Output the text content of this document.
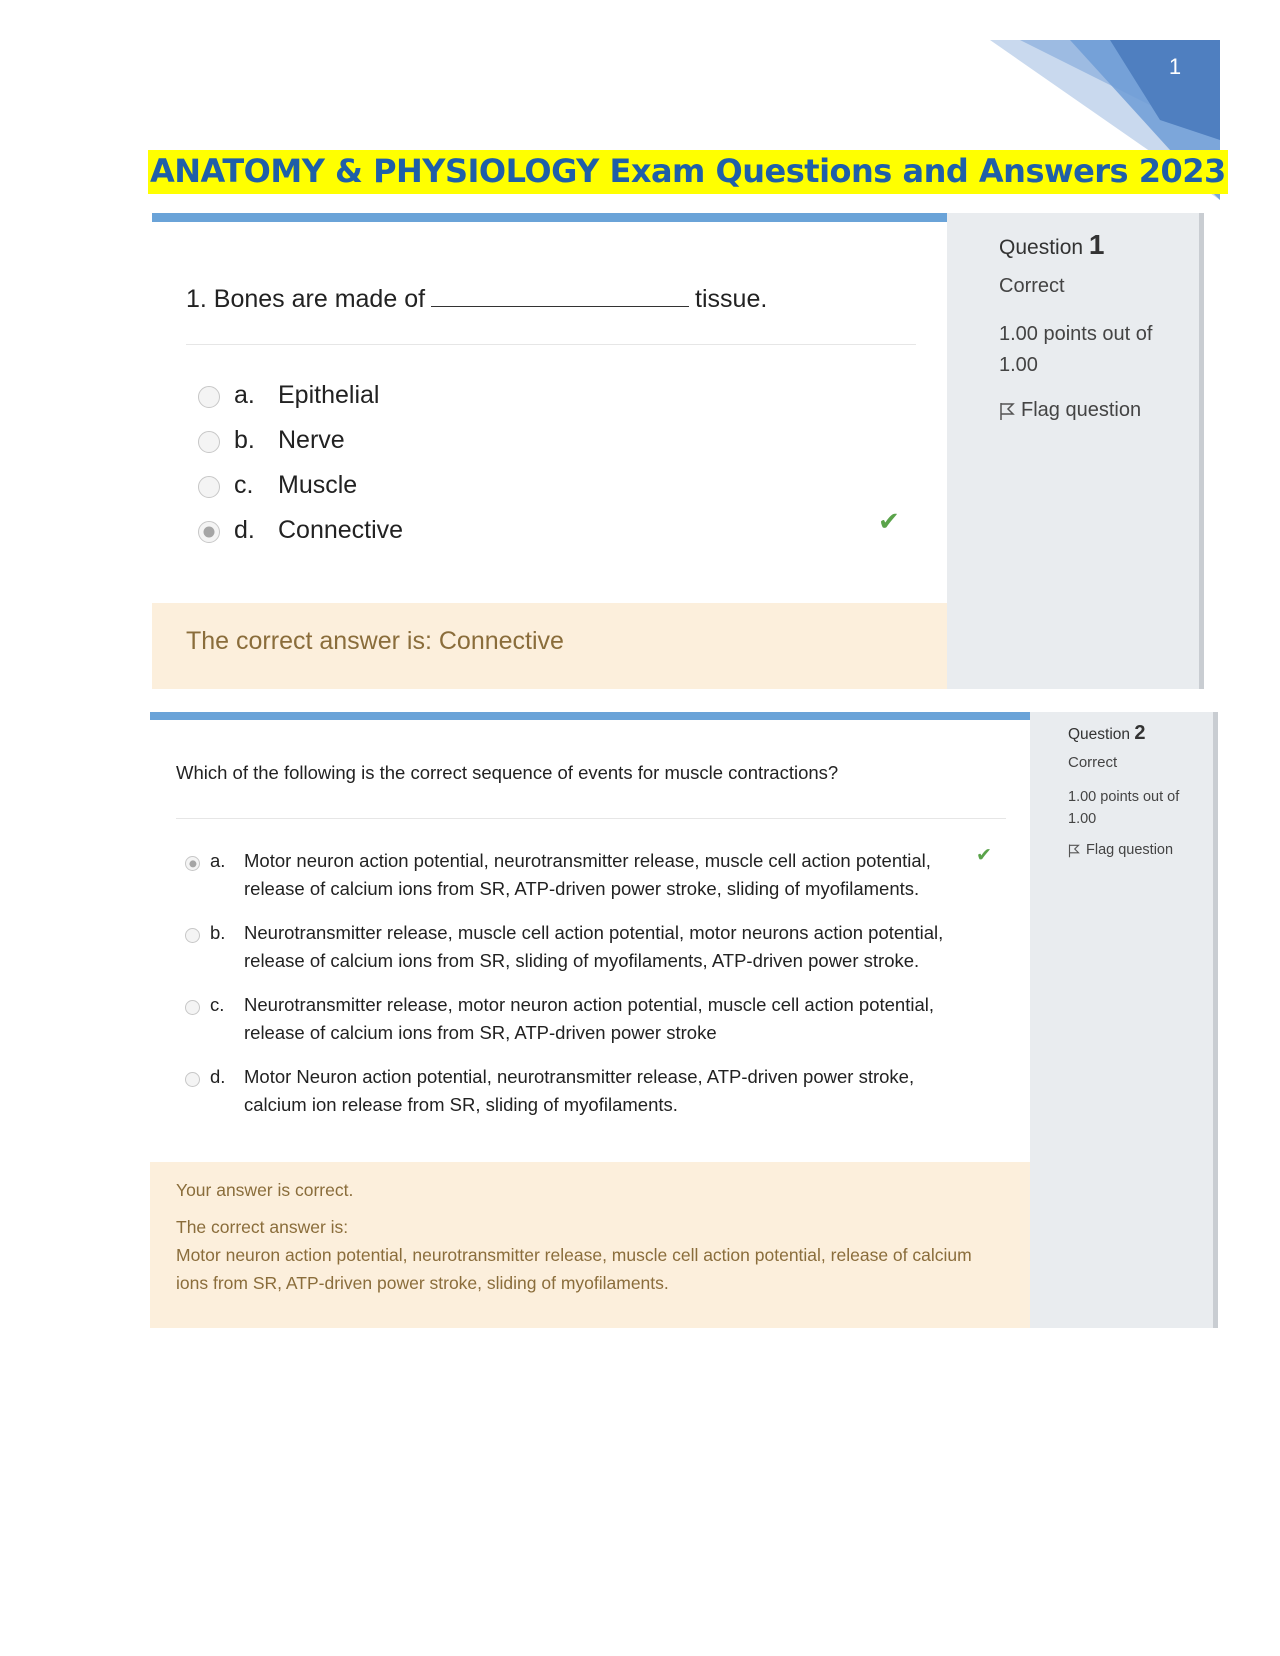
1
ANATOMY & PHYSIOLOGY Exam Questions and Answers 2023
1. Bones are made of	tissue.
a. Epithelial
b. Nerve
c. Muscle
d. Connective	✔
The correct answer is: Connective
Question 1
Correct
1.00 points out of 1.00
Flag question
Which of the following is the correct sequence of events for muscle contractions?
a. Motor neuron action potential, neurotransmitter release, muscle cell action potential, release of calcium ions from SR, ATP-driven power stroke, sliding of myofilaments.
✔
b. Neurotransmitter release, muscle cell action potential, motor neurons action potential, release of calcium ions from SR, sliding of myofilaments, ATP-driven power stroke.
c. Neurotransmitter release, motor neuron action potential, muscle cell action potential, release of calcium ions from SR, ATP-driven power stroke
d. Motor Neuron action potential, neurotransmitter release, ATP-driven power stroke, calcium ion release from SR, sliding of myofilaments.

Your answer is correct.

The correct answer is:

Motor neuron action potential, neurotransmitter release, muscle cell action potential, release of calcium ions from SR, ATP-driven power stroke, sliding of myofilaments.

Question 2
Correct
1.00 points out of 1.00
Flag question
